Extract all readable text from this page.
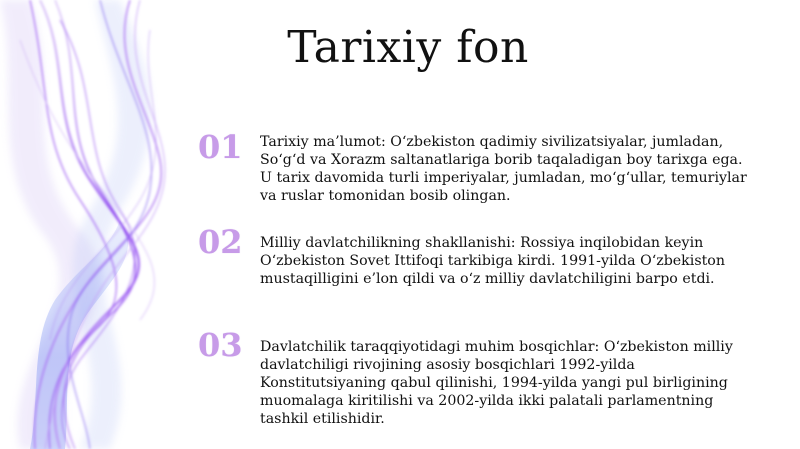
Tarixiy fon
01	Tarixiy ma’lumot: O‘zbekiston qadimiy sivilizatsiyalar, jumladan, So‘g‘d va Xorazm saltanatlariga borib taqaladigan boy tarixga ega. U tarix davomida turli imperiyalar, jumladan, mo‘g‘ullar, temuriylar va ruslar tomonidan bosib olingan.

02	Milliy davlatchilikning shakllanishi: Rossiya inqilobidan keyin O‘zbekiston Sovet Ittifoqi tarkibiga kirdi. 1991-yilda O‘zbekiston mustaqilligini e’lon qildi va o‘z milliy davlatchiligini barpo etdi.

03	Davlatchilik taraqqiyotidagi muhim bosqichlar: O‘zbekiston milliy davlatchiligi rivojining asosiy bosqichlari 1992-yilda Konstitutsiyaning qabul qilinishi, 1994-yilda yangi pul birligining muomalaga kiritilishi va 2002-yilda ikki palatali parlamentning tashkil etilishidir.
